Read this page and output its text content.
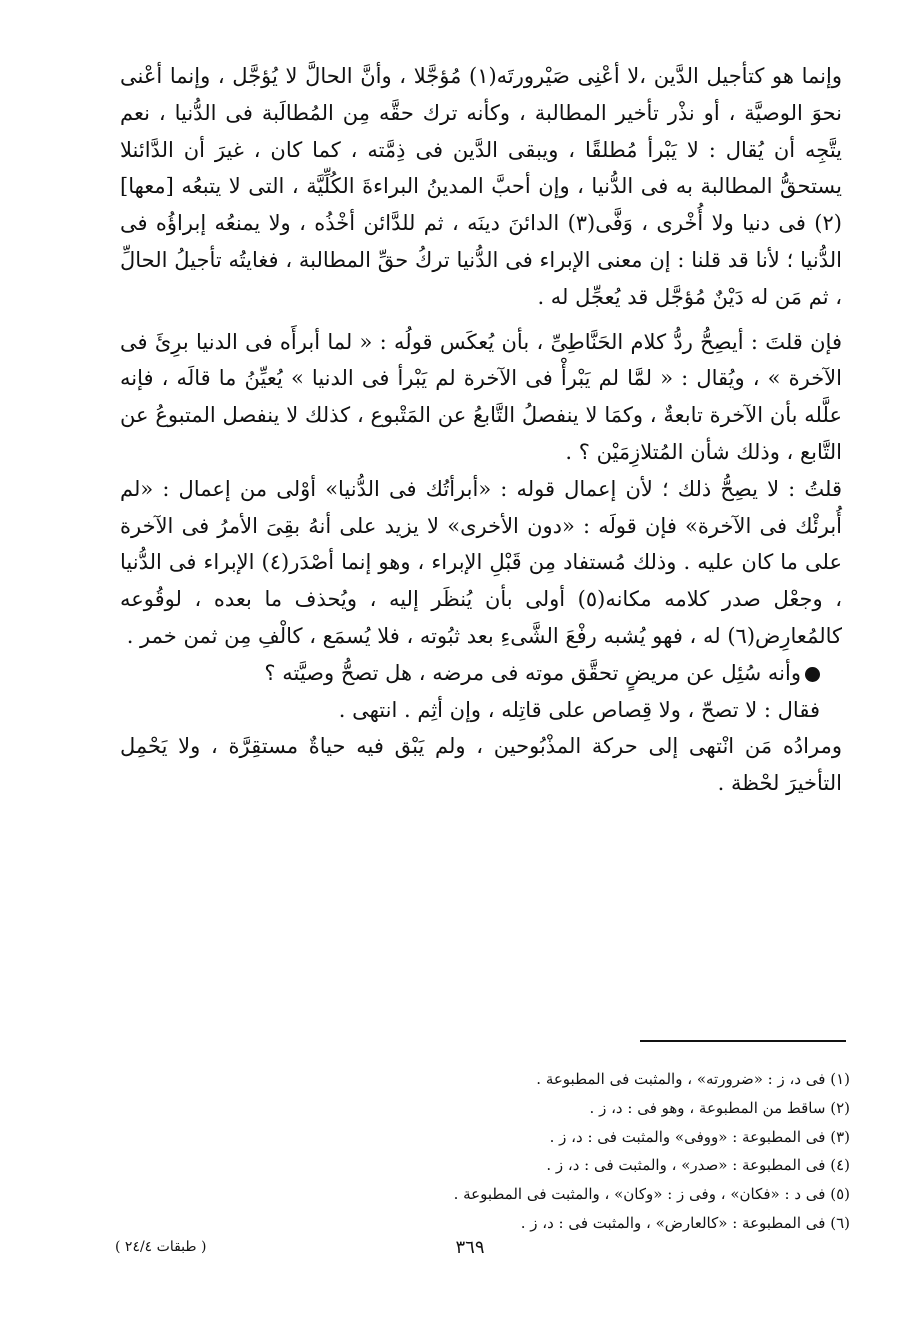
وإنما هو كتأجيل الدَّين ،لا أعْنِى صَيْرورتَه(١) مُؤجَّلا ، وأنَّ الحالَّ لا يُؤجَّل ، وإنما أعْنى نحوَ الوصيَّة ، أو نذْر تأخير المطالبة ، وكأنه ترك حقَّه مِن المُطالَبة فى الدُّنيا ، نعم يتَّجِه أن يُقال : لا يَبْرأ مُطلقًا ، ويبقى الدَّين فى ذِمَّته ، كما كان ، غيرَ أن الدَّائنلا يستحقُّ المطالبة به فى الدُّنيا ، وإن أحبَّ المدينُ البراءةَ الكُلِّيَّة ، التى لا يتبعُه [معها](٢) فى دنيا ولا أُخْرى ، وَفَّى(٣) الدائنَ دينَه ، ثم للدَّائن أخْذُه ، ولا يمنعُه إبراؤُه فى الدُّنيا ؛ لأنا قد قلنا : إن معنى الإبراء فى الدُّنيا تركُ حقِّ المطالبة ، فغايتُه تأجيلُ الحالِّ ، ثم مَن له دَيْنٌ مُؤجَّل قد يُعجِّل له .

فإن قلتَ : أيصِحُّ ردُّ كلام الحَنَّاطِىِّ ، بأن يُعكَس قولُه : « لما أبرأَه فى الدنيا برِئَ فى الآخرة » ، ويُقال : « لمَّا لم يَبْرأْ فى الآخرة لم يَبْرأ فى الدنيا » يُعيِّنُ ما قالَه ، فإنه علَّله بأن الآخرة تابعةٌ ، وكمَا لا ينفصلُ التَّابعُ عن المَتْبوع ، كذلك لا ينفصل المتبوعُ عن التَّابع ، وذلك شأن المُتلازِمَيْن ؟ .

قلتُ : لا يصِحُّ ذلك ؛ لأن إعمال قوله : «أبرأتُك فى الدُّنيا» أوْلى من إعمال : «لم أُبرئْك فى الآخرة» فإن قولَه : «دون الأخرى» لا يزيد على أنهُ بقِىَ الأمرُ فى الآخرة على ما كان عليه . وذلك مُستفاد مِن قَبْلِ الإبراء ، وهو إنما أصْدَر(٤) الإبراء فى الدُّنيا ، وجعْل صدر كلامه مكانه(٥) أولى بأن يُنظَر إليه ، ويُحذف ما بعده ، لوقُوعه كالمُعارِض(٦) له ، فهو يُشبه رفْعَ الشَّىءِ بعد ثبُوته ، فلا يُسمَع ، كالْفِ مِن ثمن خمر .

وأنه سُئِل عن مريضٍ تحقَّق موته فى مرضه ، هل تصحُّ وصيَّته ؟

فقال : لا تصحّ ، ولا قِصاص على قاتِله ، وإن أثِم . انتهى .

ومرادُه مَن انْتهى إلى حركة المذْبُوحين ، ولم يَبْق فيه حياةٌ مستقِرَّة ، ولا يَحْمِل التأخيرَ لحْظة .

(١) فى د، ز : «ضرورته» ، والمثبت فى المطبوعة .

(٢) ساقط من المطبوعة ، وهو فى : د، ز .

(٣) فى المطبوعة : «ووفى» والمثبت فى : د، ز .

(٤) فى المطبوعة : «صدر» ، والمثبت فى : د، ز .

(٥) فى د : «فكان» ، وفى ز : «وكان» ، والمثبت فى المطبوعة .

(٦) فى المطبوعة : «كالعارض» ، والمثبت فى : د، ز .

٣٦٩
( طبقات ٢٤/٤ )
